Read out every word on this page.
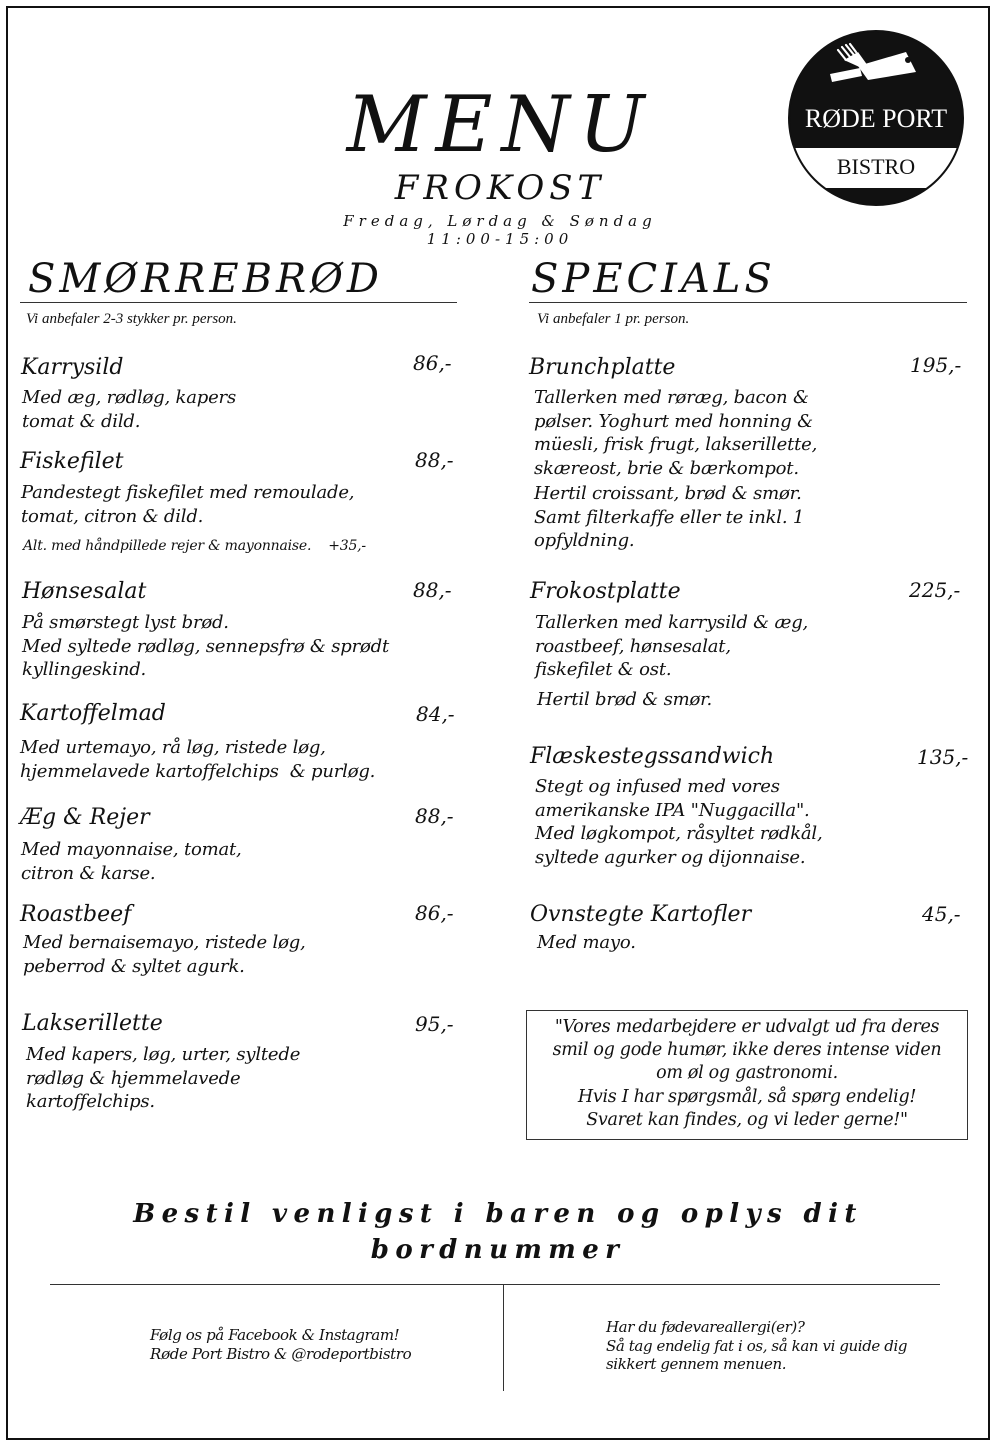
MENU
FROKOST
Fredag, Lørdag & Søndag
11:00-15:00
RØDE PORT
BISTRO
SMØRREBRØD
Vi anbefaler 2-3 stykker pr. person.
Karrysild	86,-
Med æg, rødløg, kapers
tomat & dild.
Fiskefilet	88,-
Pandestegt fiskefilet med remoulade,
tomat, citron & dild.
Alt. med håndpillede rejer & mayonnaise. +35,-
Hønsesalat	88,-
På smørstegt lyst brød.
Med syltede rødløg, sennepsfrø & sprødt
kyllingeskind.
Kartoffelmad	84,-
Med urtemayo, rå løg, ristede løg,
hjemmelavede kartoffelchips  & purløg.
Æg & Rejer	88,-
Med mayonnaise, tomat,
citron & karse.
Roastbeef	86,-
Med bernaisemayo, ristede løg,
peberrod & syltet agurk.
Lakserillette	95,-
Med kapers, løg, urter, syltede
rødløg & hjemmelavede
kartoffelchips.
SPECIALS
Vi anbefaler 1 pr. person.
Brunchplatte	195,-
Tallerken med røræg, bacon &
pølser. Yoghurt med honning &
müesli, frisk frugt, lakserillette,
skæreost, brie & bærkompot.
Hertil croissant, brød & smør.
Samt filterkaffe eller te inkl. 1
opfyldning.
Frokostplatte	225,-
Tallerken med karrysild & æg,
roastbeef, hønsesalat,
fiskefilet & ost.
Hertil brød & smør.
Flæskestegssandwich	135,-
Stegt og infused med vores
amerikanske IPA "Nuggacilla".
Med løgkompot, råsyltet rødkål,
syltede agurker og dijonnaise.
Ovnstegte Kartofler	45,-
Med mayo.
"Vores medarbejdere er udvalgt ud fra deres
smil og gode humør, ikke deres intense viden
om øl og gastronomi.
Hvis I har spørgsmål, så spørg endelig!
Svaret kan findes, og vi leder gerne!"
Bestil venligst i baren og oplys dit bordnummer
Følg os på Facebook & Instagram!
Røde Port Bistro & @rodeportbistro
Har du fødevareallergi(er)?
Så tag endelig fat i os, så kan vi guide dig
sikkert gennem menuen.
